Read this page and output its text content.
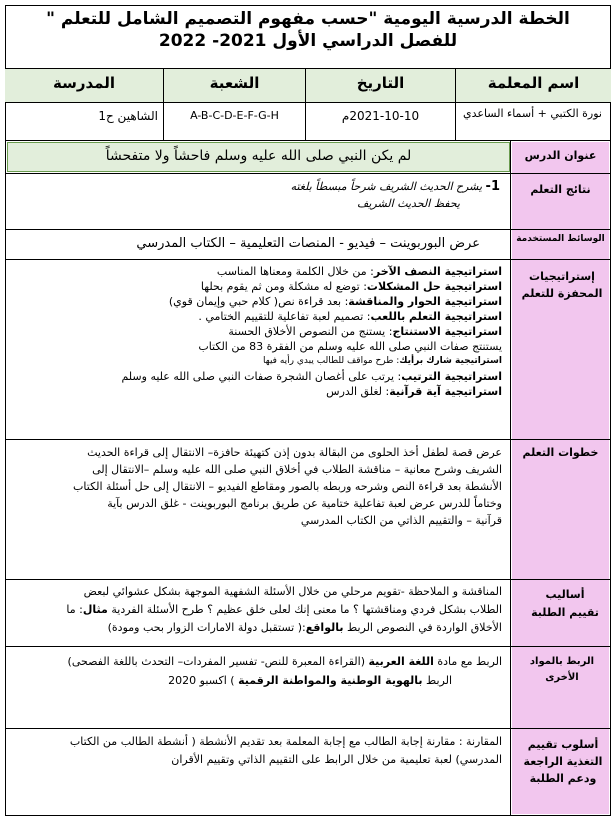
الخطة الدرسية اليومية "حسب مفهوم التصميم الشامل للتعلم "
للفصل الدراسي الأول 2021- 2022
اسم المعلمة
التاريخ
الشعبة
المدرسة
نورة الكتبي + أسماء الساعدي
2021-10-10م
A-B-C-D-E-F-G-H
الشاهين ح1
عنوان الدرس
لم يكن النبي صلى الله عليه وسلم فاحشاً ولا متفحشاً
نتائج التعلم
1- يشرح الحديث الشريف شرحاً مبسطاً بلغته
يحفظ الحديث الشريف
الوسائط المستخدمة
عرض البوربوينت – فيديو - المنصات التعليمية – الكتاب المدرسي
إستراتيجيات المحفزة للتعلم

استراتيجية النصف الآخر: من خلال الكلمة ومعناها المناسب

استراتيجية حل المشكلات: توضع له مشكلة ومن ثم يقوم بحلها

استراتيجية الحوار والمناقشة: بعد قراءة نص( كلام حبي وإيمان قوي)

استراتيجية التعلم باللعب: تصميم لعبة تفاعلية للتقييم الختامي .

استراتيجية الاستنتاج: يستنج من النصوص الأخلاق الحسنة

يستنتج صفات النبي صلى الله عليه وسلم من الفقرة 83 من الكتاب

استراتيجية شارك برأيك: طرح مواقف للطالب يبدي رأيه فيها

استراتيجية الترتيب: يرتب على أغصان الشجرة صفات النبي صلى الله عليه وسلم

استراتيجية آية قرآنية: لغلق الدرس

خطوات التعلم

عرض قصة لطفل أخذ الحلوى من البقالة بدون إذن كتهيئة حافزة– الانتقال إلى قراءة الحديث

الشريف وشرح معانية – مناقشة الطلاب في أخلاق النبي صلى الله عليه وسلم –الانتقال إلى

الأنشطة بعد قراءة النص وشرحه وربطه بالصور ومقاطع الفيديو – الانتقال إلى حل أسئلة الكتاب

وختاماً للدرس عرض لعبة تفاعلية ختامية عن طريق برنامج البوربوينت - غلق الدرس بآية

قرآنية – والتقييم الذاتي من الكتاب المدرسي

أساليب تقييم الطلبة

المناقشة و الملاحظة -تقويم مرحلي من خلال الأسئلة الشفهية الموجهة بشكل عشوائي لبعض

الطلاب بشكل فردي ومناقشتها ؟ ما معنى إنك لعلى خلق عظيم ؟ طرح الأسئلة الفردية مثال: ما

الأخلاق الواردة في النصوص الربط بالواقع:( تستقبل دولة الامارات الزوار بحب ومودة)

الربط بالمواد الأخرى

الربط مع مادة اللغة العربية (القراءة المعبرة للنص- تفسير المفردات– التحدث باللغة الفصحى)

الربط بالهوية الوطنية والمواطنة الرقمية ) اكسبو 2020

أسلوب تقييم التغذية الراجعة ودعم الطلبة

المقارنة : مقارنة إجابة الطالب مع إجابة المعلمة بعد تقديم الأنشطة ( أنشطة الطالب من الكتاب

المدرسي) لعبة تعليمية من خلال الرابط على التقييم الذاتي وتقييم الأقران
